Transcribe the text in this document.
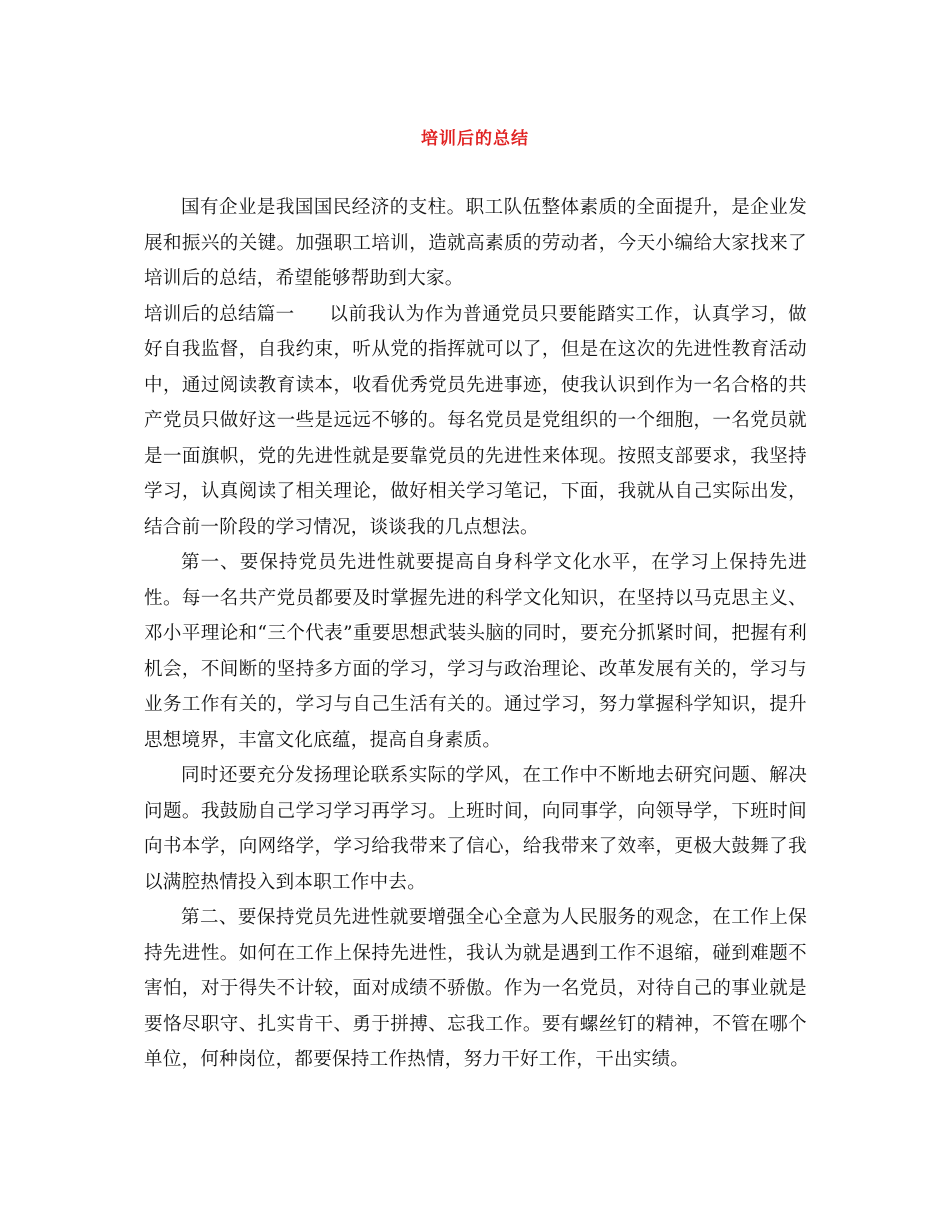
培训后的总结

国有企业是我国国民经济的支柱。职工队伍整体素质的全面提升，是企业发展和振兴的关键。加强职工培训，造就高素质的劳动者，今天小编给大家找来了培训后的总结，希望能够帮助到大家。

培训后的总结篇一 以前我认为作为普通党员只要能踏实工作，认真学习，做好自我监督，自我约束，听从党的指挥就可以了，但是在这次的先进性教育活动中，通过阅读教育读本，收看优秀党员先进事迹，使我认识到作为一名合格的共产党员只做好这一些是远远不够的。每名党员是党组织的一个细胞，一名党员就是一面旗帜，党的先进性就是要靠党员的先进性来体现。按照支部要求，我坚持学习，认真阅读了相关理论，做好相关学习笔记，下面，我就从自己实际出发，结合前一阶段的学习情况，谈谈我的几点想法。

第一、要保持党员先进性就要提高自身科学文化水平，在学习上保持先进性。每一名共产党员都要及时掌握先进的科学文化知识，在坚持以马克思主义、邓小平理论和“三个代表”重要思想武装头脑的同时，要充分抓紧时间，把握有利机会，不间断的坚持多方面的学习，学习与政治理论、改革发展有关的，学习与业务工作有关的，学习与自己生活有关的。通过学习，努力掌握科学知识，提升思想境界，丰富文化底蕴，提高自身素质。

同时还要充分发扬理论联系实际的学风，在工作中不断地去研究问题、解决问题。我鼓励自己学习学习再学习。上班时间，向同事学，向领导学，下班时间向书本学，向网络学，学习给我带来了信心，给我带来了效率，更极大鼓舞了我以满腔热情投入到本职工作中去。

第二、要保持党员先进性就要增强全心全意为人民服务的观念，在工作上保持先进性。如何在工作上保持先进性，我认为就是遇到工作不退缩，碰到难题不害怕，对于得失不计较，面对成绩不骄傲。作为一名党员，对待自己的事业就是要恪尽职守、扎实肯干、勇于拼搏、忘我工作。要有螺丝钉的精神，不管在哪个单位，何种岗位，都要保持工作热情，努力干好工作，干出实绩。
